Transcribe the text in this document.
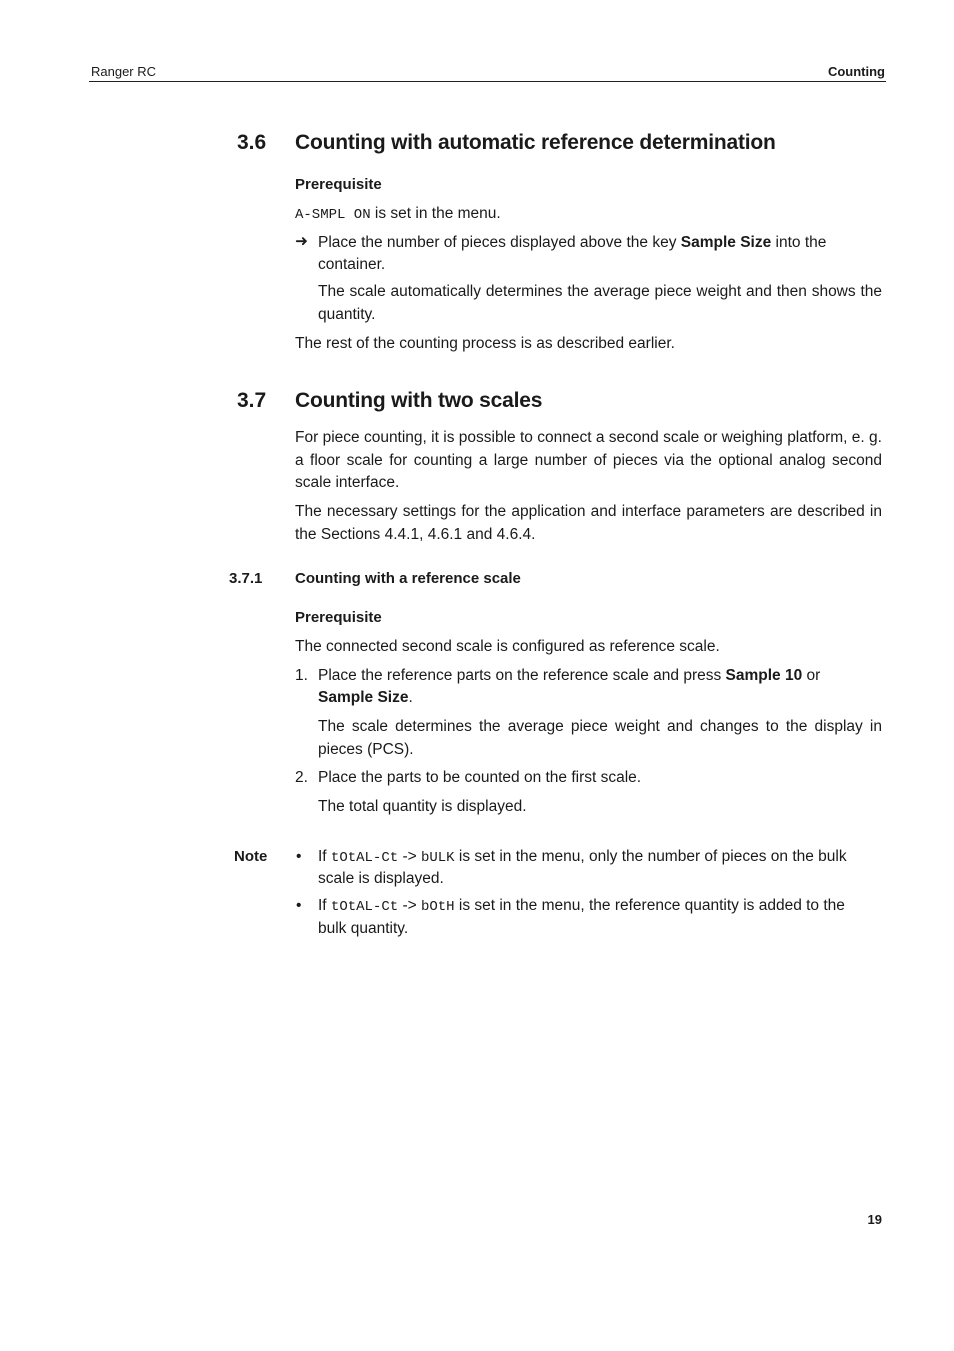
Ranger RC	Counting
3.6 Counting with automatic reference determination
Prerequisite
A-SMPL ON is set in the menu.
➜ Place the number of pieces displayed above the key Sample Size into the
container.
The scale automatically determines the average piece weight and then shows the quantity.
The rest of the counting process is as described earlier.
3.7 Counting with two scales
For piece counting, it is possible to connect a second scale or weighing platform, e. g. a floor scale for counting a large number of pieces via the optional analog second scale interface.
The necessary settings for the application and interface parameters are described in the Sections 4.4.1, 4.6.1 and 4.6.4.
3.7.1 Counting with a reference scale
Prerequisite
The connected second scale is configured as reference scale.
1. Place the reference parts on the reference scale and press Sample 10 or
Sample Size.
The scale determines the average piece weight and changes to the display in pieces (PCS).
2. Place the parts to be counted on the first scale.
The total quantity is displayed.
Note • If tOtAL-Ct -> bULK is set in the menu, only the number of pieces on the bulk
scale is displayed.
• If tOtAL-Ct -> bOtH is set in the menu, the reference quantity is added to the
bulk quantity.
19
